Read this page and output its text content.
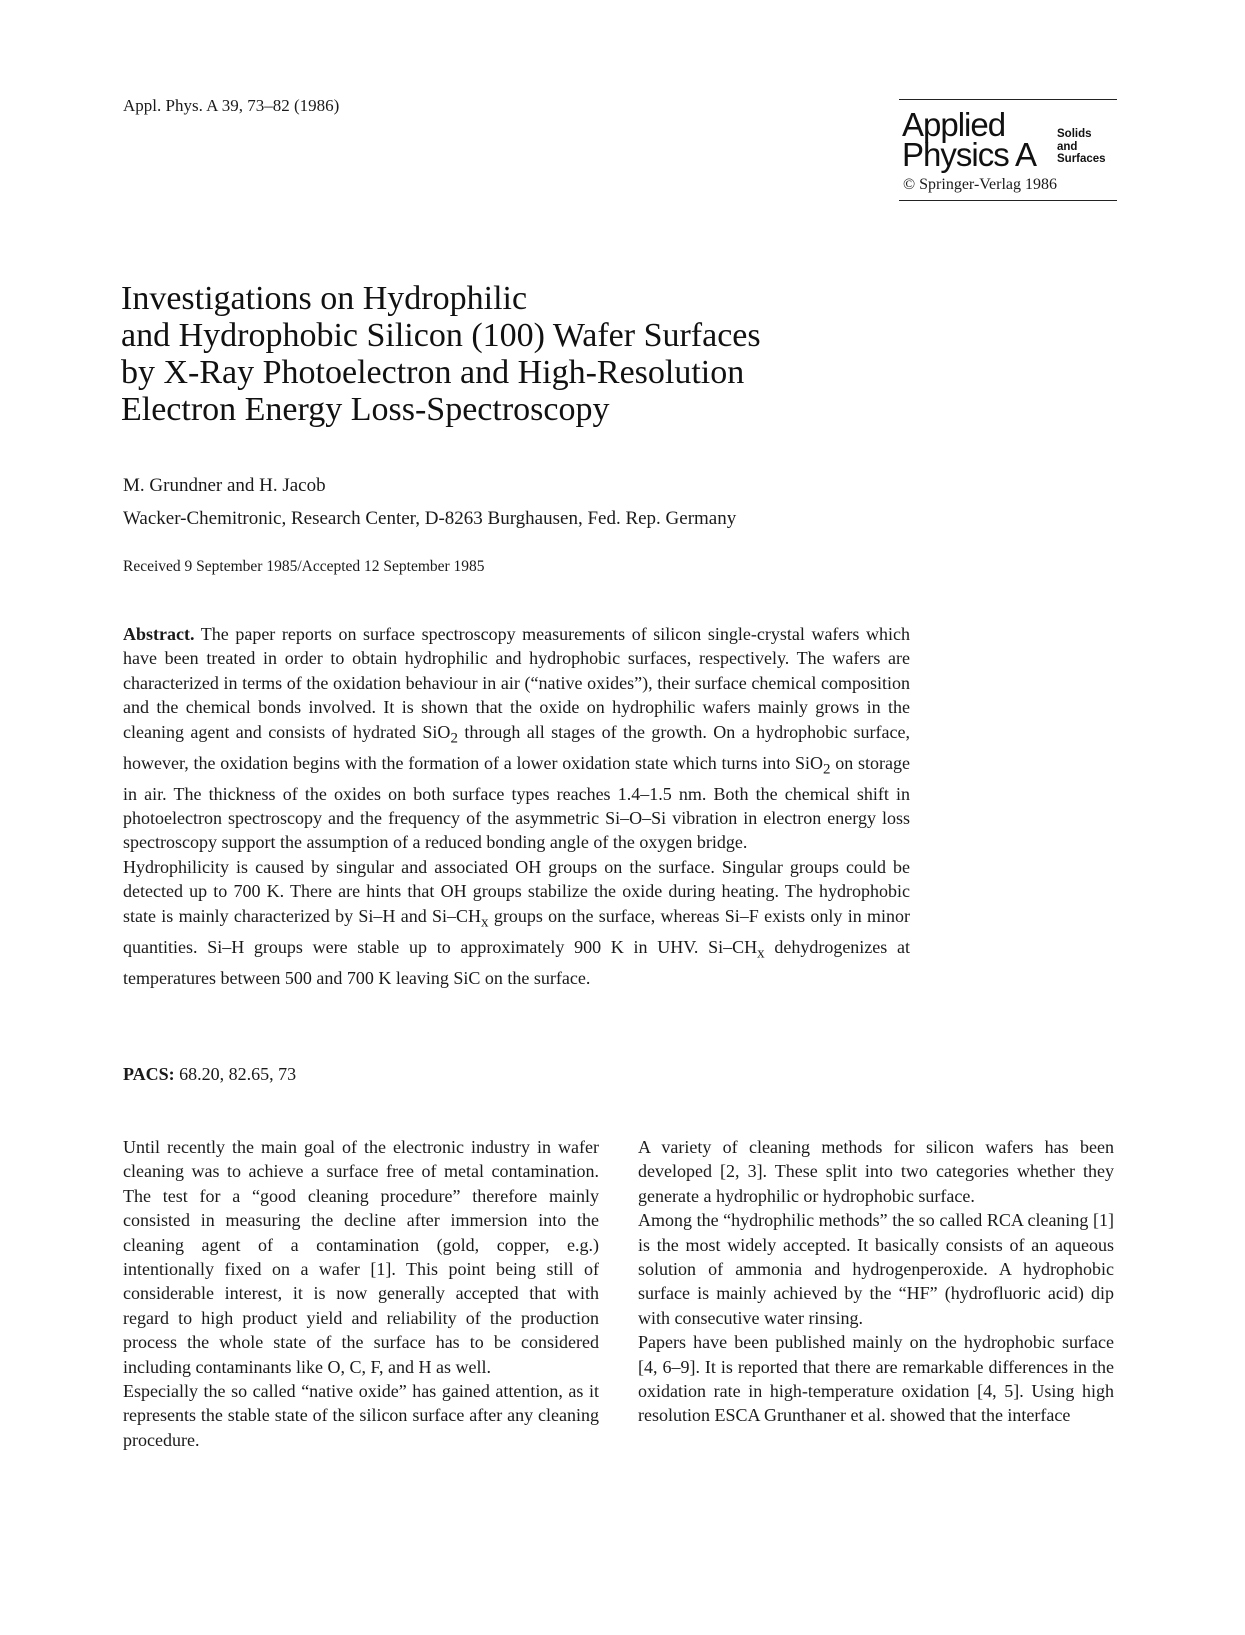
Appl. Phys. A 39, 73–82 (1986)
Applied
Physics A
Solids
and
Surfaces
© Springer-Verlag 1986
Investigations on Hydrophilic
and Hydrophobic Silicon (100) Wafer Surfaces
by X-Ray Photoelectron and High-Resolution
Electron Energy Loss-Spectroscopy
M. Grundner and H. Jacob
Wacker-Chemitronic, Research Center, D-8263 Burghausen, Fed. Rep. Germany
Received 9 September 1985/Accepted 12 September 1985

Abstract. The paper reports on surface spectroscopy measurements of silicon single-crystal wafers which have been treated in order to obtain hydrophilic and hydrophobic surfaces, respectively. The wafers are characterized in terms of the oxidation behaviour in air (“native oxides”), their surface chemical composition and the chemical bonds involved. It is shown that the oxide on hydrophilic wafers mainly grows in the cleaning agent and consists of hydrated SiO$_2$ through all stages of the growth. On a hydrophobic surface, however, the oxidation begins with the formation of a lower oxidation state which turns into SiO$_2$ on storage in air. The thickness of the oxides on both surface types reaches 1.4–1.5 nm. Both the chemical shift in photoelectron spectroscopy and the frequency of the asymmetric Si–O–Si vibration in electron energy loss spectroscopy support the assumption of a reduced bonding angle of the oxygen bridge.

Hydrophilicity is caused by singular and associated OH groups on the surface. Singular groups could be detected up to 700 K. There are hints that OH groups stabilize the oxide during heating. The hydrophobic state is mainly characterized by Si–H and $Si-CH_x$ groups on the surface, whereas Si–F exists only in minor quantities. Si–H groups were stable up to approximately 900 K in UHV. $Si-CH_x$ dehydrogenizes at temperatures between 500 and 700 K leaving SiC on the surface.

PACS: 68.20, 82.65, 73

Until recently the main goal of the electronic industry in wafer cleaning was to achieve a surface free of metal contamination. The test for a “good cleaning procedure” therefore mainly consisted in measuring the decline after immersion into the cleaning agent of a contamination (gold, copper, e.g.) intentionally fixed on a wafer [1]. This point being still of considerable interest, it is now generally accepted that with regard to high product yield and reliability of the production process the whole state of the surface has to be considered including contaminants like O, C, F, and H as well.

Especially the so called “native oxide” has gained attention, as it represents the stable state of the silicon surface after any cleaning procedure.

A variety of cleaning methods for silicon wafers has been developed [2, 3]. These split into two categories whether they generate a hydrophilic or hydrophobic surface.

Among the “hydrophilic methods” the so called RCA cleaning [1] is the most widely accepted. It basically consists of an aqueous solution of ammonia and hydrogenperoxide. A hydrophobic surface is mainly achieved by the “HF” (hydrofluoric acid) dip with consecutive water rinsing.

Papers have been published mainly on the hydrophobic surface [4, 6–9]. It is reported that there are remarkable differences in the oxidation rate in high-temperature oxidation [4, 5]. Using high resolution ESCA Grunthaner et al. showed that the interface
